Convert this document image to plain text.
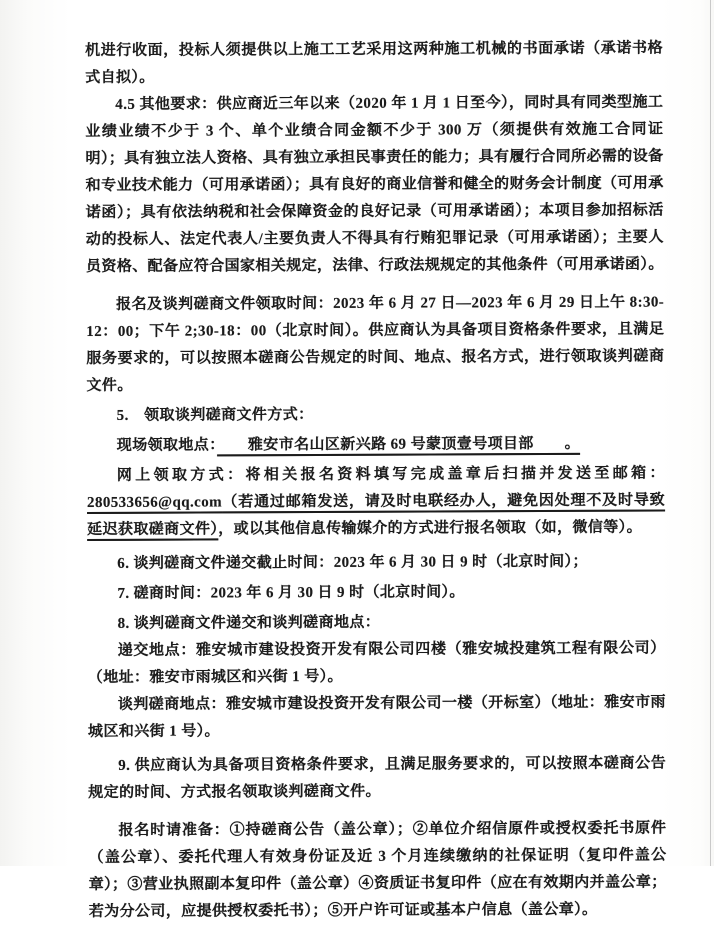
机进行收面，投标人须提供以上施工工艺采用这两种施工机械的书面承诺（承诺书格式自拟）。

4.5 其他要求：供应商近三年以来（2020 年 1 月 1 日至今），同时具有同类型施工业绩业绩不少于 3 个、单个业绩合同金额不少于 300 万（须提供有效施工合同证明）；具有独立法人资格、具有独立承担民事责任的能力；具有履行合同所必需的设备和专业技术能力（可用承诺函）；具有良好的商业信誉和健全的财务会计制度（可用承诺函）；具有依法纳税和社会保障资金的良好记录（可用承诺函）；本项目参加招标活动的投标人、法定代表人/主要负责人不得具有行贿犯罪记录（可用承诺函）；主要人员资格、配备应符合国家相关规定，法律、行政法规规定的其他条件（可用承诺函）。

报名及谈判磋商文件领取时间：2023 年 6 月 27 日—2023 年 6 月 29 日上午 8:30-12：00；下午 2;30-18：00（北京时间）。供应商认为具备项目资格条件要求，且满足服务要求的，可以按照本磋商公告规定的时间、地点、报名方式，进行领取谈判磋商文件。

5.　领取谈判磋商文件方式：

现场领取地点：　　雅安市名山区新兴路 69 号蒙顶壹号项目部　　。

网上领取方式：将相关报名资料填写完成盖章后扫描并发送至邮箱： 280533656@qq.com（若通过邮箱发送，请及时电联经办人，避免因处理不及时导致延迟获取磋商文件），或以其他信息传输媒介的方式进行报名领取（如，微信等）。

6. 谈判磋商文件递交截止时间：2023 年 6 月 30 日 9 时（北京时间）；

7. 磋商时间：2023 年 6 月 30 日 9 时（北京时间）。

8. 谈判磋商文件递交和谈判磋商地点：

递交地点：雅安城市建设投资开发有限公司四楼（雅安城投建筑工程有限公司）（地址：雅安市雨城区和兴街 1 号）。

谈判磋商地点：雅安城市建设投资开发有限公司一楼（开标室）（地址：雅安市雨城区和兴街 1 号）。

9. 供应商认为具备项目资格条件要求，且满足服务要求的，可以按照本磋商公告规定的时间、方式报名领取谈判磋商文件。

报名时请准备：①持磋商公告（盖公章）；②单位介绍信原件或授权委托书原件（盖公章）、委托代理人有效身份证及近 3 个月连续缴纳的社保证明（复印件盖公章）；③营业执照副本复印件（盖公章）④资质证书复印件（应在有效期内并盖公章；若为分公司，应提供授权委托书）；⑤开户许可证或基本户信息（盖公章）。
